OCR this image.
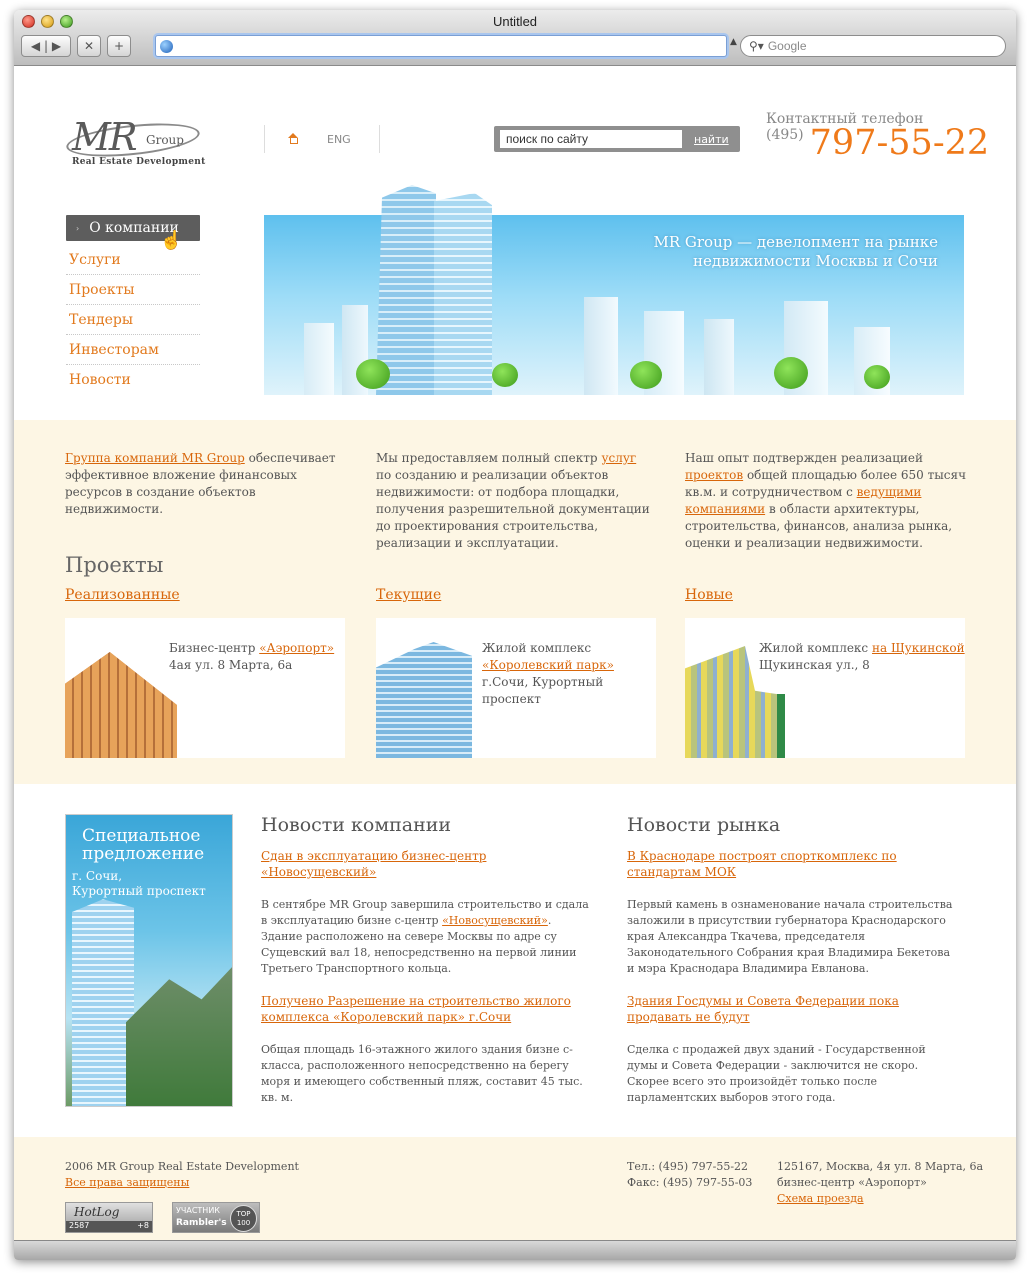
Untitled
◀ | ▶ ✕ +	▲ ⚲▾ Google
MR Group
Real Estate Development
ENG
поиск по сайту	найти
Контактный телефон
(495) 797-55-22
› О компании
Услуги
Проекты
Тендеры
Инвесторам
Новости
☝	MR Group — девелопмент на рынке
недвижимости Москвы и Сочи
Группа компаний MR Group обеспечивает эффективное вложение финансовых ресурсов в создание объектов недвижимости.
Мы предоставляем полный спектр услуг по созданию и реализации объектов недвижимости: от подбора площадки, получения разрешительной документации до проектирования строительства, реализации и эксплуатации.
Наш опыт подтвержден реализацией проектов общей площадью более 650 тысяч кв.м. и сотрудничеством с ведущими компаниями в области архитектуры, строительства, финансов, анализа рынка, оценки и реализации недвижимости.
Проекты
Реализованные	Текущие	Новые
Бизнес-центр «Аэропорт»
4ая ул. 8 Марта, 6а
Жилой комплекс
«Королевский парк»
г.Сочи, Курортный проспект
Жилой комплекс на Щукинской
Щукинская ул., 8
Специальное
предложение
г. Сочи,
Курортный проспект
Новости компании
Сдан в эксплуатацию бизнес-центр «Новосущевский»
В сентябре MR Group завершила строительство и сдала в эксплуатацию бизне с-центр «Новосущевский». Здание расположено на севере Москвы по адре су Сущевский вал 18, непосредственно на первой линии Третьего Транспортного кольца.
Получено Разрешение на строительство жилого комплекса «Королевский парк» г.Сочи
Общая площадь 16-этажного жилого здания бизне с-класса, расположенного непосредственно на берегу моря и имеющего собственный пляж, составит 45 тыс. кв. м.
Новости рынка
В Краснодаре построят спорткомплекс по стандартам МОК
Первый камень в ознаменование начала строительства заложили в присутствии губернатора Краснодарского края Александра Ткачева, председателя Законодательного Собрания края Владимира Бекетова и мэра Краснодара Владимира Евланова.
Здания Госдумы и Совета Федерации пока продавать не будут
Сделка с продажей двух зданий - Государственной думы и Совета Федерации - заключится не скоро. Скорее всего это произойдёт только после парламентских выборов этого года.
2006 MR Group Real Estate Development
Все права защищены
HotLog
2587	+8
УЧАСТНИК
Rambler's
TOP 100
Тел.: (495) 797-55-22
Факс: (495) 797-55-03
125167, Москва, 4я ул. 8 Марта, 6а
бизнес-центр «Аэропорт»
Схема проезда
